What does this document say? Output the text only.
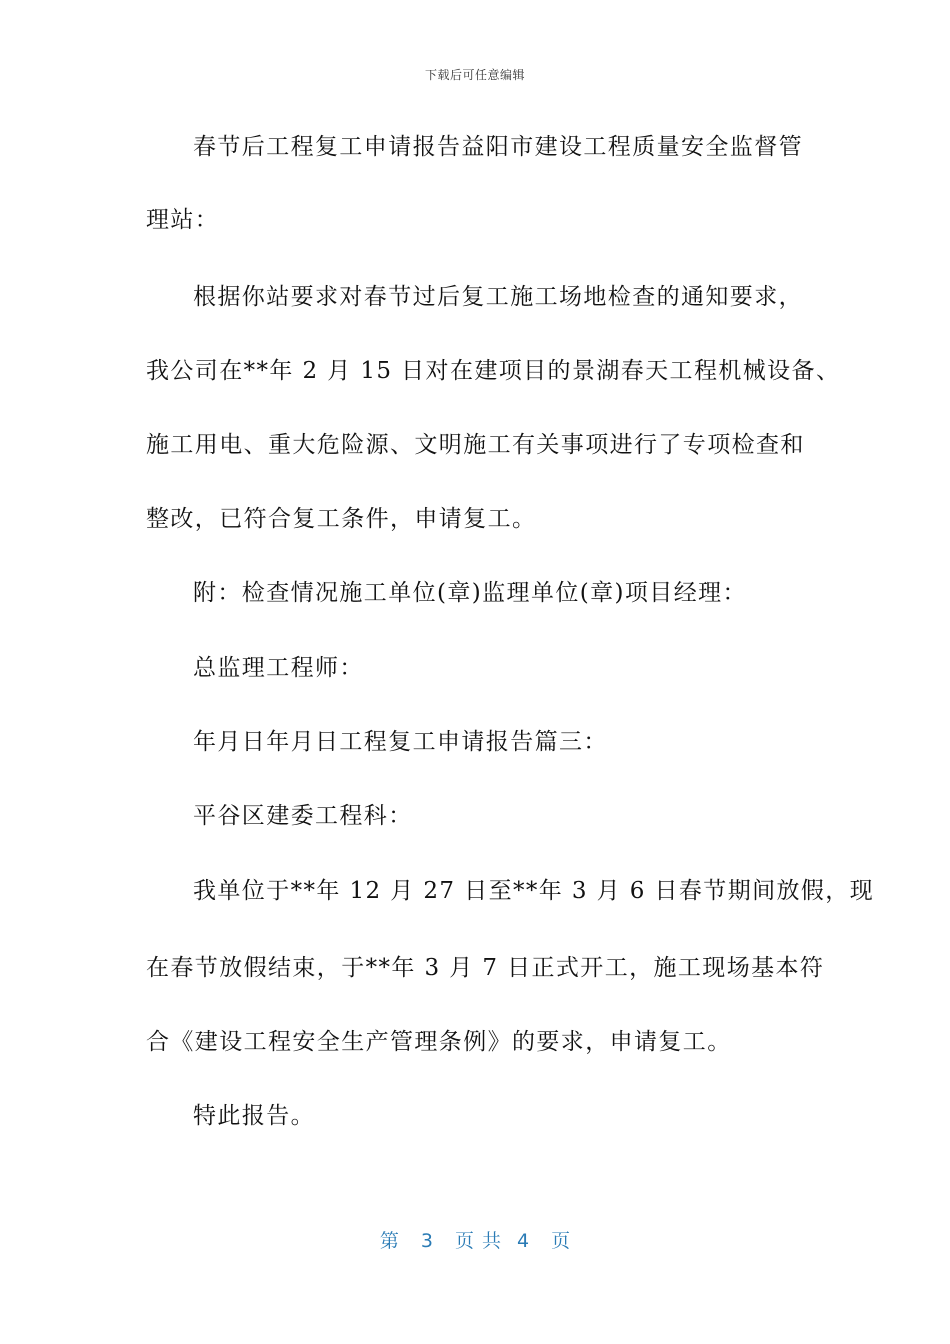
下载后可任意编辑
春节后工程复工申请报告益阳市建设工程质量安全监督管
理站：
根据你站要求对春节过后复工施工场地检查的通知要求，
我公司在**年 2 月 15 日对在建项目的景湖春天工程机械设备、
施工用电、重大危险源、文明施工有关事项进行了专项检查和
整改，已符合复工条件，申请复工。
附：检查情况施工单位(章)监理单位(章)项目经理：
总监理工程师：
年月日年月日工程复工申请报告篇三：
平谷区建委工程科：
我单位于**年 12 月 27 日至**年 3 月 6 日春节期间放假，现
在春节放假结束，于**年 3 月 7 日正式开工，施工现场基本符
合《建设工程安全生产管理条例》的要求，申请复工。
特此报告。
第 3 页共 4 页
